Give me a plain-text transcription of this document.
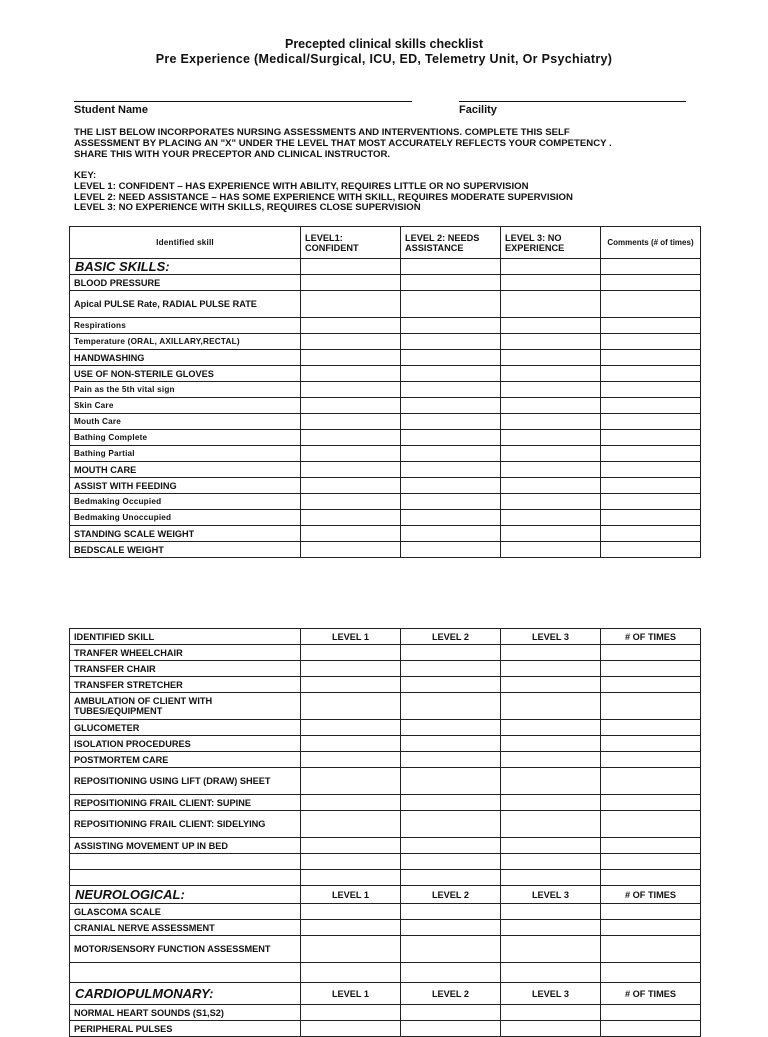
Precepted clinical skills checklist
Pre Experience (Medical/Surgical, ICU, ED, Telemetry Unit, Or Psychiatry)
Student Name	Facility
THE LIST BELOW INCORPORATES NURSING ASSESSMENTS AND INTERVENTIONS. COMPLETE THIS SELF
ASSESSMENT BY PLACING AN "X" UNDER THE LEVEL THAT MOST ACCURATELY REFLECTS YOUR COMPETENCY .
SHARE THIS WITH YOUR PRECEPTOR AND CLINICAL INSTRUCTOR.
KEY:
LEVEL 1: CONFIDENT – HAS EXPERIENCE WITH ABILITY, REQUIRES LITTLE OR NO SUPERVISION
LEVEL 2: NEED ASSISTANCE – HAS SOME EXPERIENCE WITH SKILL, REQUIRES MODERATE SUPERVISION
LEVEL 3: NO EXPERIENCE WITH SKILLS, REQUIRES CLOSE SUPERVISION
Identified skill	LEVEL1: CONFIDENT	LEVEL 2: NEEDS ASSISTANCE	LEVEL 3: NO EXPERIENCE	Comments (# of times)
BASIC SKILLS:				
BLOOD PRESSURE				
Apical PULSE Rate, RADIAL PULSE RATE				
Respirations				
Temperature (ORAL, AXILLARY,RECTAL)				
HANDWASHING				
USE OF NON-STERILE GLOVES				
Pain as the 5th vital sign				
Skin Care				
Mouth Care				
Bathing Complete				
Bathing Partial				
MOUTH CARE				
ASSIST WITH FEEDING				
Bedmaking Occupied				
Bedmaking Unoccupied				
STANDING SCALE WEIGHT				
BEDSCALE WEIGHT				
IDENTIFIED SKILL	LEVEL 1	LEVEL 2	LEVEL 3	# OF TIMES
TRANFER WHEELCHAIR				
TRANSFER CHAIR				
TRANSFER STRETCHER				
AMBULATION OF CLIENT WITH TUBES/EQUIPMENT				
GLUCOMETER				
ISOLATION PROCEDURES				
POSTMORTEM CARE				
REPOSITIONING USING LIFT (DRAW) SHEET				
REPOSITIONING FRAIL CLIENT: SUPINE				
REPOSITIONING FRAIL CLIENT: SIDELYING				
ASSISTING MOVEMENT UP IN BED				

NEUROLOGICAL:	LEVEL 1	LEVEL 2	LEVEL 3	# OF TIMES
GLASCOMA SCALE				
CRANIAL NERVE ASSESSMENT				
MOTOR/SENSORY FUNCTION ASSESSMENT				

CARDIOPULMONARY:	LEVEL 1	LEVEL 2	LEVEL 3	# OF TIMES
NORMAL HEART SOUNDS (S1,S2)				
PERIPHERAL PULSES				
